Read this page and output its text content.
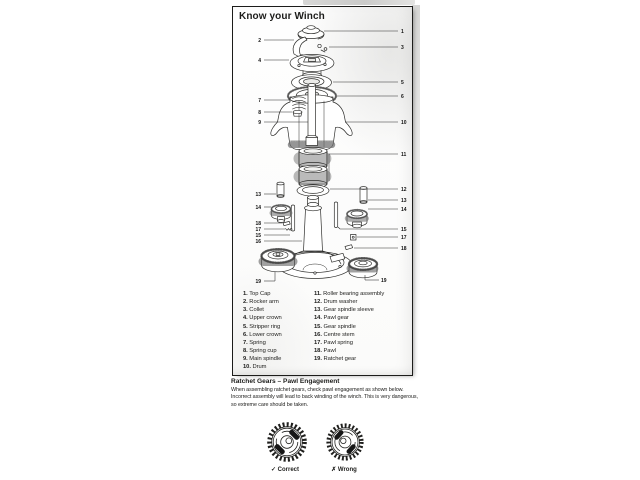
Know your Winch
1
2
3
4
5
6
7
8
9	10
11
12
13
13
14	14
18
17
15
16
15
17
18
19	19
1. Top Cap
2. Rocker arm
3. Collet
4. Upper crown
5. Stripper ring
6. Lower crown
7. Spring
8. Spring cup
9. Main spindle
10. Drum
11. Roller bearing assembly
12. Drum washer
13. Gear spindle sleeve
14. Pawl gear
15. Gear spindle
16. Centre stem
17. Pawl spring
18. Pawl
19. Ratchet gear
Ratchet Gears – Pawl Engagement
When assembling ratchet gears, check pawl engagement as shown below.
Incorrect assembly will lead to back winding of the winch. This is very dangerous,
so extreme care should be taken.
✓ Correct	✗ Wrong
